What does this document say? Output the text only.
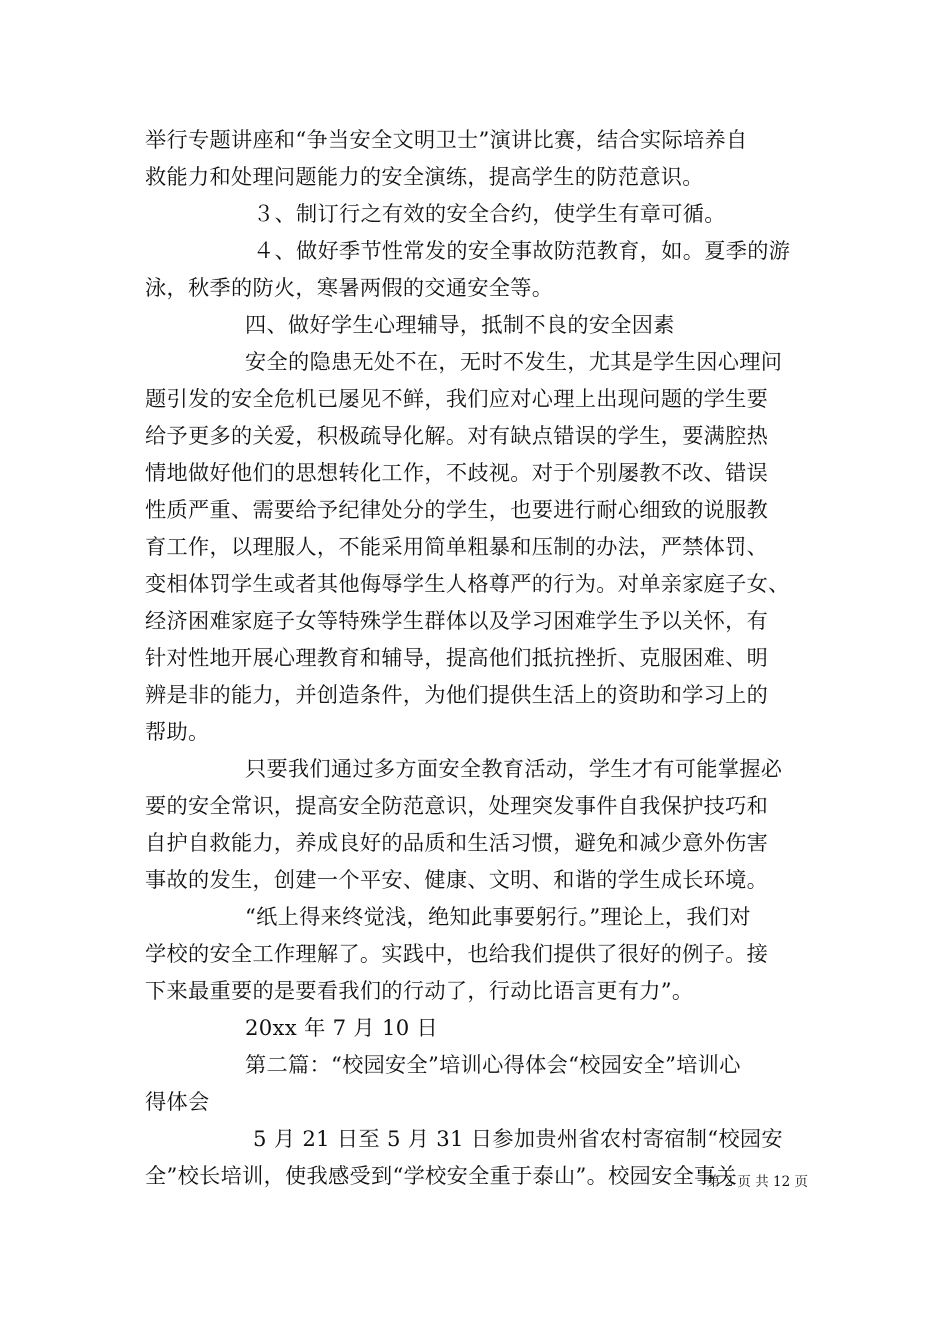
举行专题讲座和“争当安全文明卫士”演讲比赛，结合实际培养自
救能力和处理问题能力的安全演练，提高学生的防范意识。
３、制订行之有效的安全合约，使学生有章可循。
４、做好季节性常发的安全事故防范教育，如。夏季的游
泳，秋季的防火，寒暑两假的交通安全等。
四、做好学生心理辅导，抵制不良的安全因素
安全的隐患无处不在，无时不发生，尤其是学生因心理问
题引发的安全危机已屡见不鲜，我们应对心理上出现问题的学生要
给予更多的关爱，积极疏导化解。对有缺点错误的学生，要满腔热
情地做好他们的思想转化工作，不歧视。对于个别屡教不改、错误
性质严重、需要给予纪律处分的学生，也要进行耐心细致的说服教
育工作，以理服人，不能采用简单粗暴和压制的办法，严禁体罚、
变相体罚学生或者其他侮辱学生人格尊严的行为。对单亲家庭子女、
经济困难家庭子女等特殊学生群体以及学习困难学生予以关怀，有
针对性地开展心理教育和辅导，提高他们抵抗挫折、克服困难、明
辨是非的能力，并创造条件，为他们提供生活上的资助和学习上的
帮助。
只要我们通过多方面安全教育活动，学生才有可能掌握必
要的安全常识，提高安全防范意识，处理突发事件自我保护技巧和
自护自救能力，养成良好的品质和生活习惯，避免和减少意外伤害
事故的发生，创建一个平安、健康、文明、和谐的学生成长环境。
“纸上得来终觉浅，绝知此事要躬行。”理论上，我们对
学校的安全工作理解了。实践中，也给我们提供了很好的例子。接
下来最重要的是要看我们的行动了，行动比语言更有力”。
20xx 年 7 月 10 日
第二篇：“校园安全”培训心得体会“校园安全”培训心
得体会
5 月 21 日至 5 月 31 日参加贵州省农村寄宿制“校园安
全”校长培训，使我感受到“学校安全重于泰山”。校园安全事关
第 2 页 共 12 页
